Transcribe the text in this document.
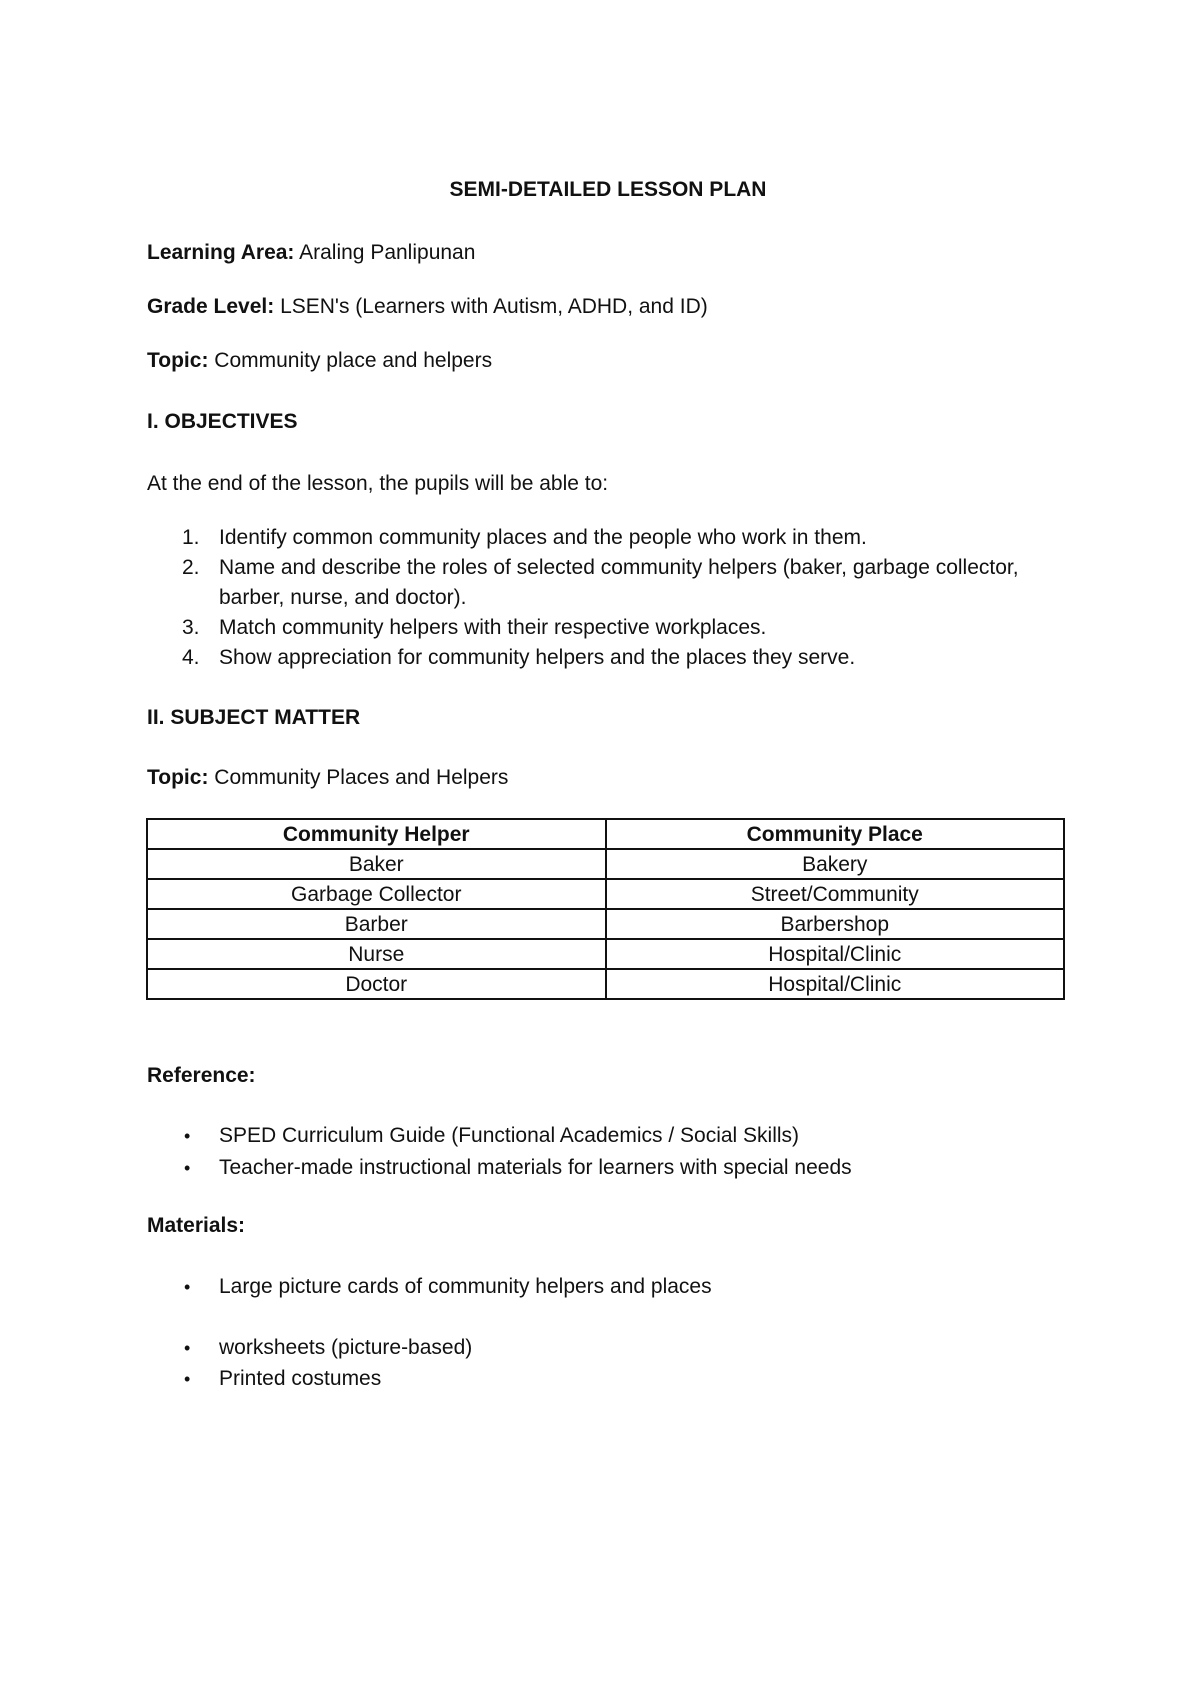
SEMI-DETAILED LESSON PLAN
Learning Area: Araling Panlipunan
Grade Level: LSEN's (Learners with Autism, ADHD, and ID)
Topic: Community place and helpers
I. OBJECTIVES
At the end of the lesson, the pupils will be able to:
1. Identify common community places and the people who work in them.
2. Name and describe the roles of selected community helpers (baker, garbage collector,
barber, nurse, and doctor).
3. Match community helpers with their respective workplaces.
4. Show appreciation for community helpers and the places they serve.
II. SUBJECT MATTER
Topic: Community Places and Helpers
Community Helper	Community Place
Baker	Bakery
Garbage Collector	Street/Community
Barber	Barbershop
Nurse	Hospital/Clinic
Doctor	Hospital/Clinic
Reference:
• SPED Curriculum Guide (Functional Academics / Social Skills)
• Teacher-made instructional materials for learners with special needs
Materials:
• Large picture cards of community helpers and places
• worksheets (picture-based)
• Printed costumes
